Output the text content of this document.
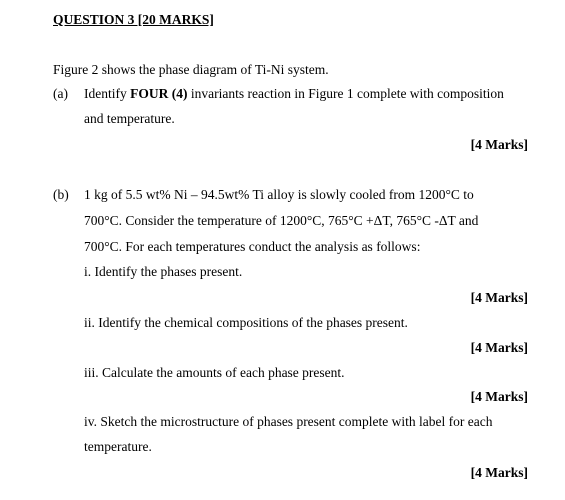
QUESTION 3 [20 MARKS]
Figure 2 shows the phase diagram of Ti-Ni system.
(a) Identify FOUR (4) invariants reaction in Figure 1 complete with composition
and temperature.
[4 Marks]
(b) 1 kg of 5.5 wt% Ni – 94.5wt% Ti alloy is slowly cooled from 1200°C to
700°C. Consider the temperature of 1200°C, 765°C +ΔT, 765°C -ΔT and
700°C. For each temperatures conduct the analysis as follows:
i. Identify the phases present.
[4 Marks]
ii. Identify the chemical compositions of the phases present.
[4 Marks]
iii. Calculate the amounts of each phase present.
[4 Marks]
iv. Sketch the microstructure of phases present complete with label for each
temperature.
[4 Marks]
